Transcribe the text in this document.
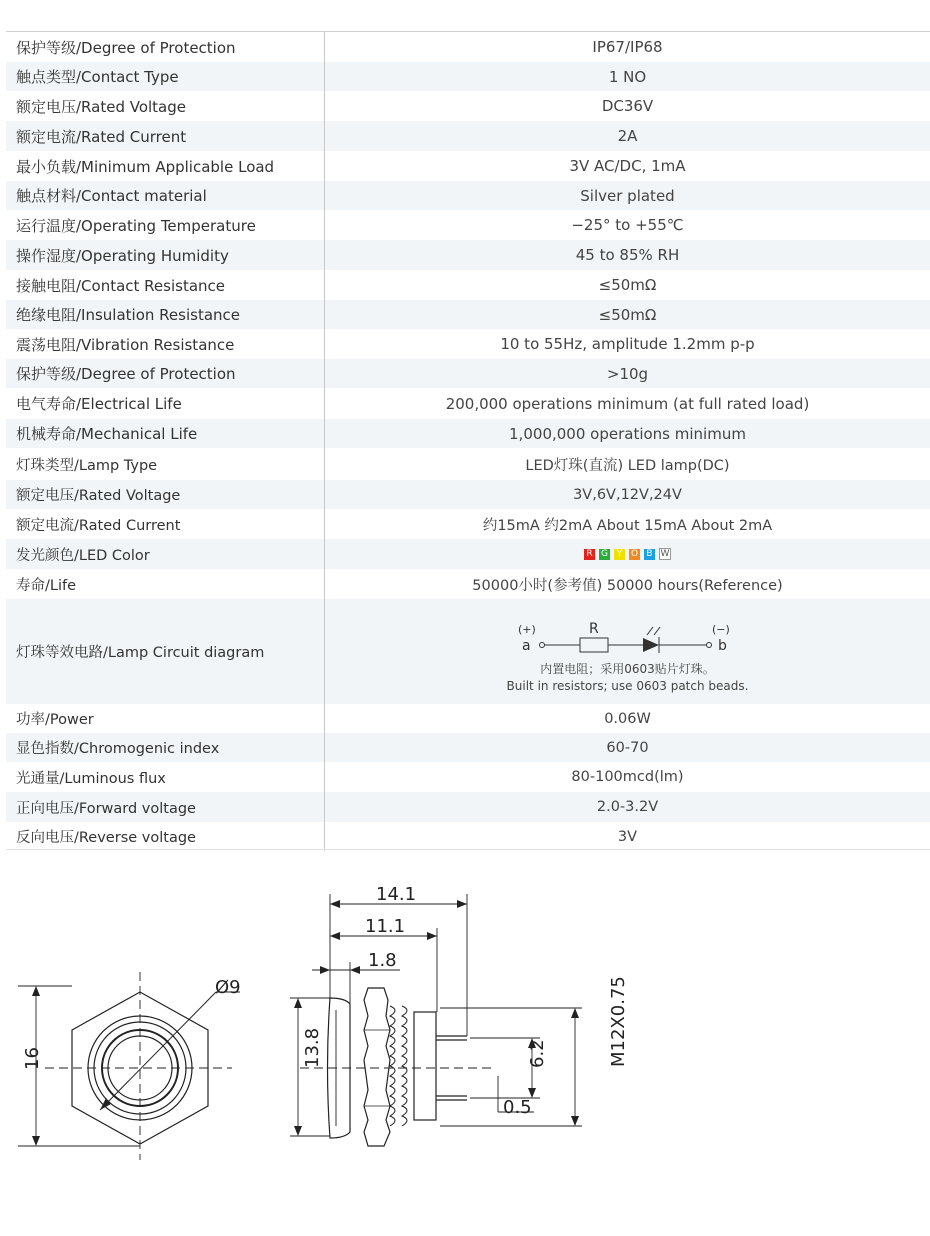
保护等级/Degree of Protection	IP67/IP68
触点类型/Contact Type	1 NO
额定电压/Rated Voltage	DC36V
额定电流/Rated Current	2A
最小负载/Minimum Applicable Load	3V AC/DC, 1mA
触点材料/Contact material	Silver plated
运行温度/Operating Temperature	−25° to +55℃
操作湿度/Operating Humidity	45 to 85% RH
接触电阻/Contact Resistance	≤50mΩ
绝缘电阻/Insulation Resistance	≤50mΩ
震荡电阻/Vibration Resistance	10 to 55Hz, amplitude 1.2mm p-p
保护等级/Degree of Protection	>10g
电气寿命/Electrical Life	200,000 operations minimum (at full rated load)
机械寿命/Mechanical Life	1,000,000 operations minimum
灯珠类型/Lamp Type	LED灯珠(直流) LED lamp(DC)
额定电压/Rated Voltage	3V,6V,12V,24V
额定电流/Rated Current	约15mA 约2mA About 15mA About 2mA
发光颜色/LED Color	R G Y O B W
寿命/Life	50000小时(参考值) 50000 hours(Reference)
灯珠等效电路/Lamp Circuit diagram
(+)
a
R	(−)
b
内置电阻；采用0603贴片灯珠。
Built in resistors; use 0603 patch beads.
功率/Power	0.06W
显色指数/Chromogenic index	60-70
光通量/Luminous flux	80-100mcd(lm)
正向电压/Forward voltage	2.0-3.2V
反向电压/Reverse voltage	3V
16
Ø9
14.1
11.1
1.8
13.8	6.2
0.5
M12X0.75
